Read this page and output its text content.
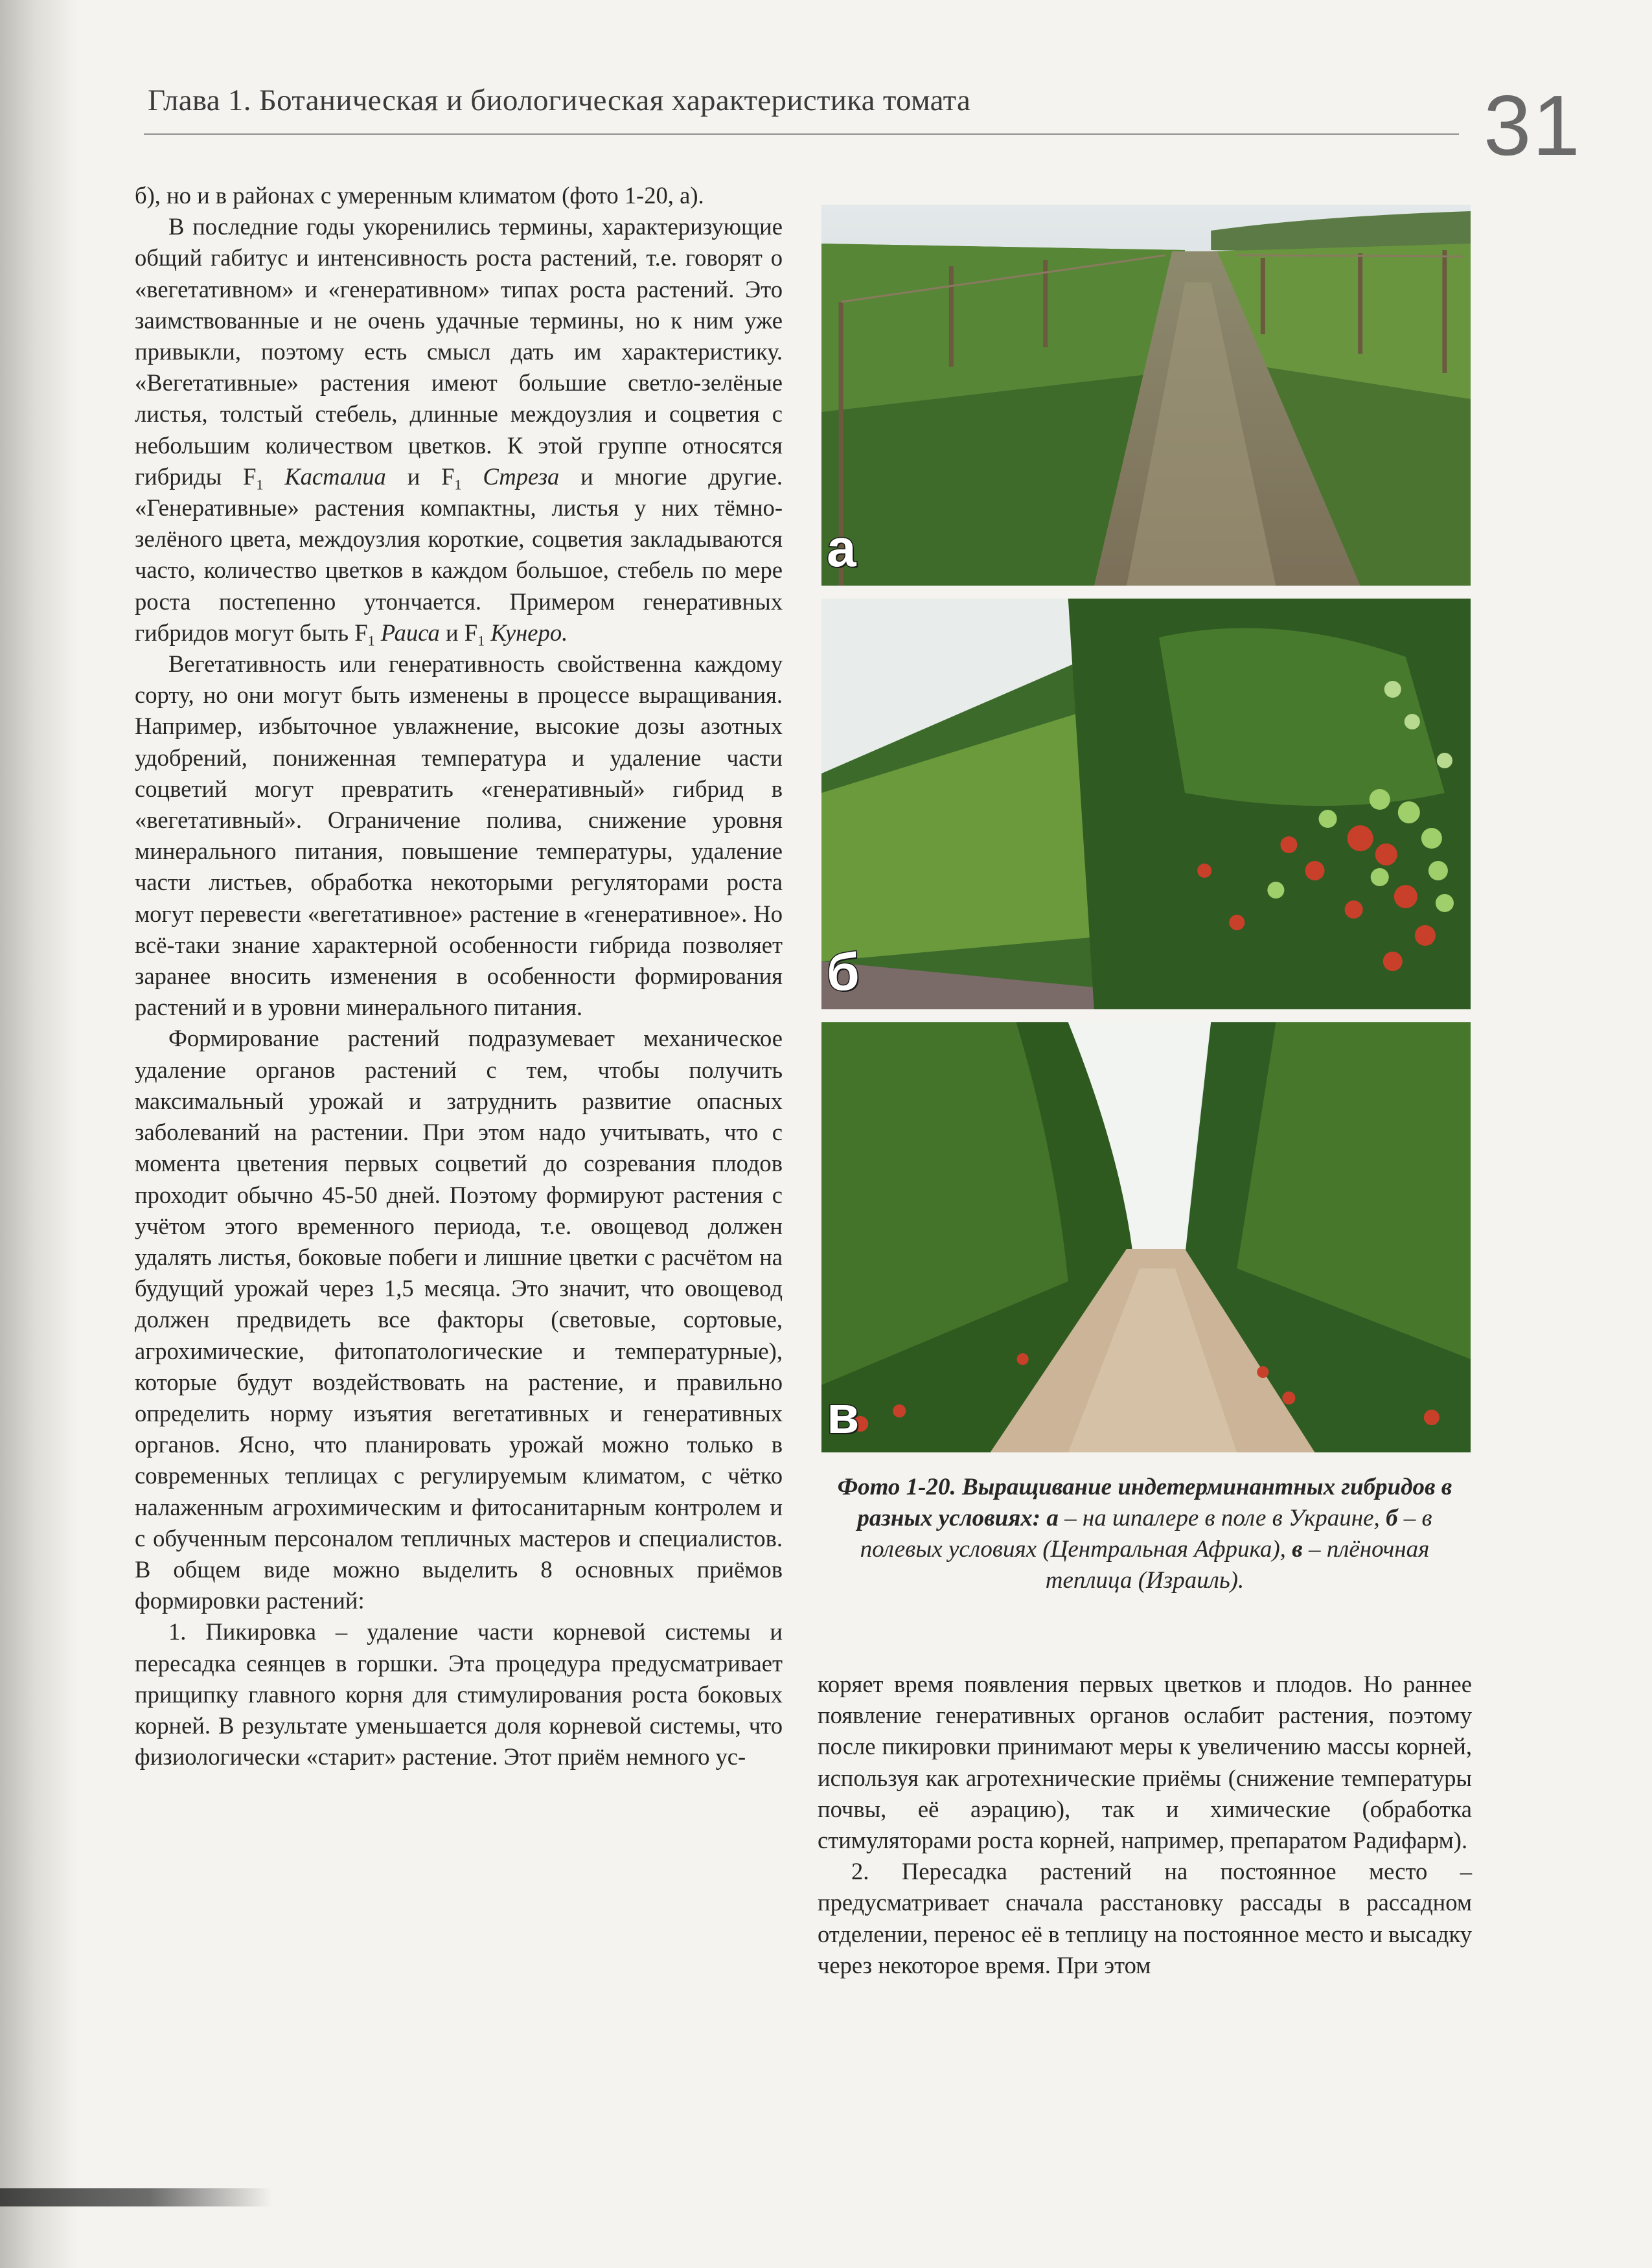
Глава 1. Ботаническая и биологическая характеристика томата	31

б), но и в районах с умеренным климатом (фото 1-20, а).

В последние годы укоренились термины, характеризующие общий габитус и интенсивность роста растений, т.е. говорят о «вегетативном» и «генеративном» типах роста растений. Это заимствованные и не очень удачные термины, но к ним уже привыкли, поэтому есть смысл дать им характеристику. «Вегетативные» растения имеют большие светло-зелёные листья, толстый стебель, длинные междоузлия и соцветия с небольшим количеством цветков. К этой группе относятся гибриды $F_1$ Касталиа и $F_1$ Стреза и многие другие. «Генеративные» растения компактны, листья у них тёмно-зелёного цвета, междоузлия короткие, соцветия закладываются часто, количество цветков в каждом большое, стебель по мере роста постепенно утончается. Примером генеративных гибридов могут быть $F_1$ Раиса и $F_1$ Кунеро.

Вегетативность или генеративность свойственна каждому сорту, но они могут быть изменены в процессе выращивания. Например, избыточное увлажнение, высокие дозы азотных удобрений, пониженная температура и удаление части соцветий могут превратить «генеративный» гибрид в «вегетативный». Ограничение полива, снижение уровня минерального питания, повышение температуры, удаление части листьев, обработка некоторыми регуляторами роста могут перевести «вегетативное» растение в «генеративное». Но всё-таки знание характерной особенности гибрида позволяет заранее вносить изменения в особенности формирования растений и в уровни минерального питания.

Формирование растений подразумевает механическое удаление органов растений с тем, чтобы получить максимальный урожай и затруднить развитие опасных заболеваний на растении. При этом надо учитывать, что с момента цветения первых соцветий до созревания плодов проходит обычно 45-50 дней. Поэтому формируют растения с учётом этого временного периода, т.е. овощевод должен удалять листья, боковые побеги и лишние цветки с расчётом на будущий урожай через 1,5 месяца. Это значит, что овощевод должен предвидеть все факторы (световые, сортовые, агрохимические, фитопатологические и температурные), которые будут воздействовать на растение, и правильно определить норму изъятия вегетативных и генеративных органов. Ясно, что планировать урожай можно только в современных теплицах с регулируемым климатом, с чётко налаженным агрохимическим и фитосанитарным контролем и с обученным персоналом тепличных мастеров и специалистов. В общем виде можно выделить 8 основных приёмов формировки растений:

1. Пикировка – удаление части корневой системы и пересадка сеянцев в горшки. Эта процедура предусматривает прищипку главного корня для стимулирования роста боковых корней. В результате уменьшается доля корневой системы, что физиологически «старит» растение. Этот приём немного ус-

а
б
в
Фото 1-20. Выращивание индетерминантных гибридов в разных условиях: а – на шпалере в поле в Украине, б – в полевых условиях (Центральная Африка), в – плёночная теплица (Израиль).

коряет время появления первых цветков и плодов. Но раннее появление генеративных органов ослабит растения, поэтому после пикировки принимают меры к увеличению массы корней, используя как агротехнические приёмы (снижение температуры почвы, её аэрацию), так и химические (обработка стимуляторами роста корней, например, препаратом Радифарм).

2. Пересадка растений на постоянное место – предусматривает сначала расстановку рассады в рассадном отделении, перенос её в теплицу на постоянное место и высадку через некоторое время. При этом
